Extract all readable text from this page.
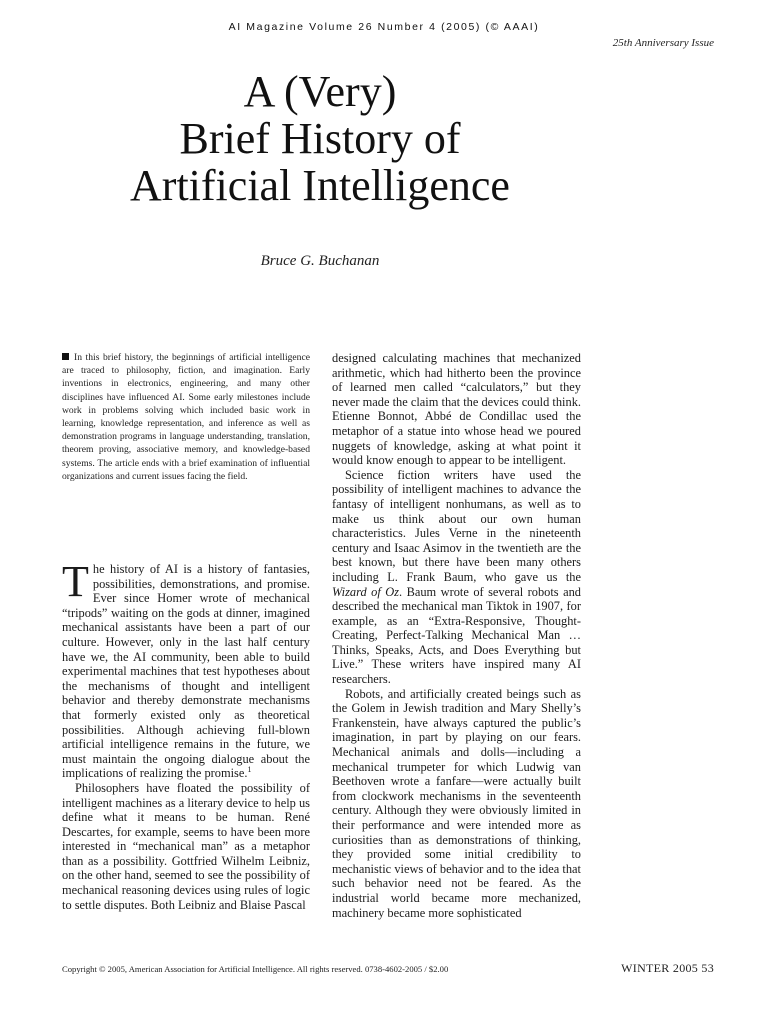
AI Magazine Volume 26 Number 4 (2005) (© AAAI)
25th Anniversary Issue
A (Very)
Brief History of
Artificial Intelligence
Bruce G. Buchanan
In this brief history, the beginnings of artificial intelligence are traced to philosophy, fiction, and imagination. Early inventions in electronics, engineering, and many other disciplines have influenced AI. Some early milestones include work in problems solving which included basic work in learning, knowledge representation, and inference as well as demonstration programs in language understanding, translation, theorem proving, associative memory, and knowledge-based systems. The article ends with a brief examination of influential organizations and current issues facing the field.

The history of AI is a history of fantasies, possibilities, demonstrations, and promise. Ever since Homer wrote of mechanical “tripods” waiting on the gods at dinner, imagined mechanical assistants have been a part of our culture. However, only in the last half century have we, the AI community, been able to build experimental machines that test hypotheses about the mechanisms of thought and intelligent behavior and thereby demonstrate mechanisms that formerly existed only as theoretical possibilities. Although achieving full-blown artificial intelligence remains in the future, we must maintain the ongoing dialogue about the implications of realizing the promise.$^1$

Philosophers have floated the possibility of intelligent machines as a literary device to help us define what it means to be human. René Descartes, for example, seems to have been more interested in “mechanical man” as a metaphor than as a possibility. Gottfried Wilhelm Leibniz, on the other hand, seemed to see the possibility of mechanical reasoning devices using rules of logic to settle disputes. Both Leibniz and Blaise Pascal

designed calculating machines that mechanized arithmetic, which had hitherto been the province of learned men called “calculators,” but they never made the claim that the devices could think. Etienne Bonnot, Abbé de Condillac used the metaphor of a statue into whose head we poured nuggets of knowledge, asking at what point it would know enough to appear to be intelligent.

Science fiction writers have used the possibility of intelligent machines to advance the fantasy of intelligent nonhumans, as well as to make us think about our own human characteristics. Jules Verne in the nineteenth century and Isaac Asimov in the twentieth are the best known, but there have been many others including L. Frank Baum, who gave us the Wizard of Oz. Baum wrote of several robots and described the mechanical man Tiktok in 1907, for example, as an “Extra-Responsive, Thought-Creating, Perfect-Talking Mechanical Man … Thinks, Speaks, Acts, and Does Everything but Live.” These writers have inspired many AI researchers.

Robots, and artificially created beings such as the Golem in Jewish tradition and Mary Shelly’s Frankenstein, have always captured the public’s imagination, in part by playing on our fears. Mechanical animals and dolls—including a mechanical trumpeter for which Ludwig van Beethoven wrote a fanfare—were actually built from clockwork mechanisms in the seventeenth century. Although they were obviously limited in their performance and were intended more as curiosities than as demonstrations of thinking, they provided some initial credibility to mechanistic views of behavior and to the idea that such behavior need not be feared. As the industrial world became more mechanized, machinery became more sophisticated

Copyright © 2005, American Association for Artificial Intelligence. All rights reserved. 0738-4602-2005 / $2.00	WINTER 2005 53
